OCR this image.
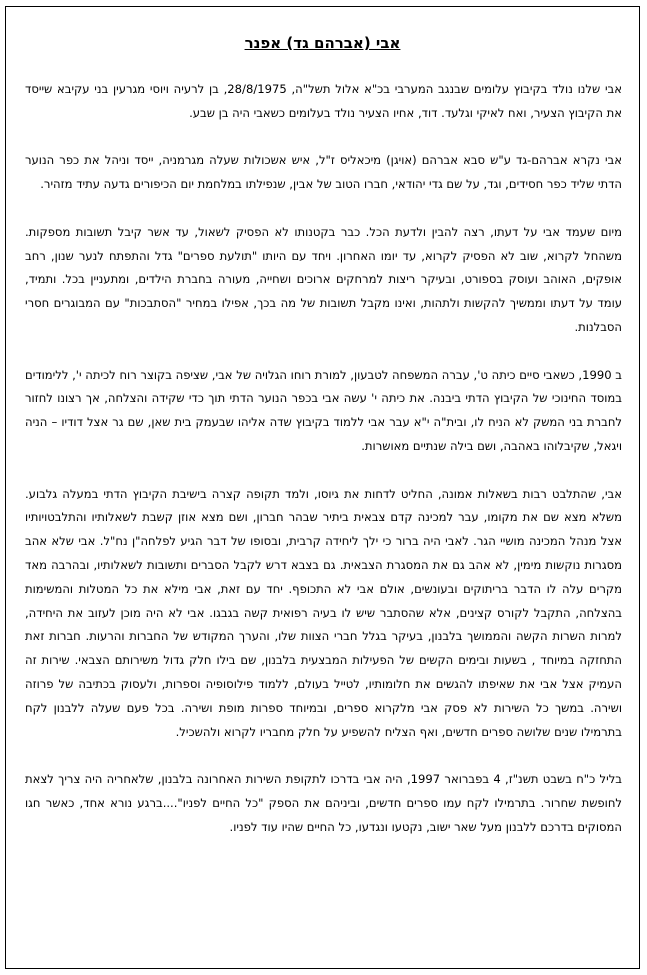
אבי (אברהם גד) אפנר

אבי שלנו נולד בקיבוץ עלומים שבנגב המערבי בכ"א אלול תשל"ה, 28/8/1975, בן לרעיה ויוסי מגרעין בני עקיבא שייסד את הקיבוץ הצעיר, ואח לאיקי וגלעד. דוד, אחיו הצעיר נולד בעלומים כשאבי היה בן שבע.

אבי נקרא אברהם-גד ע"ש סבא אברהם (אויגן) מיכאליס ז"ל, איש אשכולות שעלה מגרמניה, ייסד וניהל את כפר הנוער הדתי שליד כפר חסידים, וגד, על שם גדי יהודאי, חברו הטוב של אבין, שנפילתו במלחמת יום הכיפורים גדעה עתיד מזהיר.

מיום שעמד אבי על דעתו, רצה להבין ולדעת הכל. כבר בקטנותו לא הפסיק לשאול, עד אשר קיבל תשובות מספקות. משהחל לקרוא, שוב לא הפסיק לקרוא, עד יומו האחרון. ויחד עם היותו "תולעת ספרים" גדל והתפתח לנער שנון, רחב אופקים, האוהב ועוסק בספורט, ובעיקר ריצות למרחקים ארוכים ושחייה, מעורה בחברת הילדים, ומתעניין בכל. ותמיד, עומד על דעתו וממשיך להקשות ולתהות, ואינו מקבל תשובות של מה בכך, אפילו במחיר "הסתבכות" עם המבוגרים חסרי הסבלנות.

ב 1990, כשאבי סיים כיתה ט', עברה המשפחה לטבעון, למורת רוחו הגלויה של אבי, שציפה בקוצר רוח לכיתה י', ללימודים במוסד החינוכי של הקיבוץ הדתי ביבנה. את כיתה י' עשה אבי בכפר הנוער הדתי תוך כדי שקידה והצלחה, אך רצונו לחזור לחברת בני המשק לא הניח לו, ובית"ה י"א עבר אבי ללמוד בקיבוץ שדה אליהו שבעמק בית שאן, שם גר אצל דודיו – הניה ויגאל, שקיבלוהו באהבה, ושם בילה שנתיים מאושרות.

אבי, שהתלבט רבות בשאלות אמונה, החליט לדחות את גיוסו, ולמד תקופה קצרה בישיבת הקיבוץ הדתי במעלה גלבוע. משלא מצא שם את מקומו, עבר למכינה קדם צבאית ביתיר שבהר חברון, ושם מצא אוזן קשבת לשאלותיו והתלבטויותיו אצל מנהל המכינה מושיי הגר. לאבי היה ברור כי ילך ליחידה קרבית, ובסופו של דבר הגיע לפלחה"ן נח"ל. אבי שלא אהב מסגרות נוקשות מימין, לא אהב גם את המסגרת הצבאית. גם בצבא דרש לקבל הסברים ותשובות לשאלותיו, ובהרבה מאד מקרים עלה לו הדבר בריתוקים ובעונשים, אולם אבי לא התכופף. יחד עם זאת, אבי מילא את כל המטלות והמשימות בהצלחה, התקבל לקורס קצינים, אלא שהסתבר שיש לו בעיה רפואית קשה בגבגו. אבי לא היה מוכן לעזוב את היחידה, למרות השרות הקשה והממושך בלבנון, בעיקר בגלל חברי הצוות שלו, והערך המקודש של החברות והרעות. חברות זאת התחזקה במיוחד , בשעות ובימים הקשים של הפעילות המבצעית בלבנון, שם בילו חלק גדול משירותם הצבאי. שירות זה העמיק אצל אבי את שאיפתו להגשים את חלומותיו, לטייל בעולם, ללמוד פילוסופיה וספרות, ולעסוק בכתיבה של פרוזה ושירה. במשך כל השירות לא פסק אבי מלקרוא ספרים, ובמיוחד ספרות מופת ושירה. בכל פעם שעלה ללבנון לקח בתרמילו שנים שלושה ספרים חדשים, ואף הצליח להשפיע על חלק מחבריו לקרוא ולהשכיל.

בליל כ"ח בשבט תשנ"ז, 4 בפברואר 1997, היה אבי בדרכו לתקופת השירות האחרונה בלבנון, שלאחריה היה צריך לצאת לחופשת שחרור. בתרמילו לקח עמו ספרים חדשים, וביניהם את הספק "כל החיים לפניו"....ברגע נורא אחד, כאשר חגו המסוקים בדרכם ללבנון מעל שאר ישוב, נקטעו ונגדעו, כל החיים שהיו עוד לפניו.
